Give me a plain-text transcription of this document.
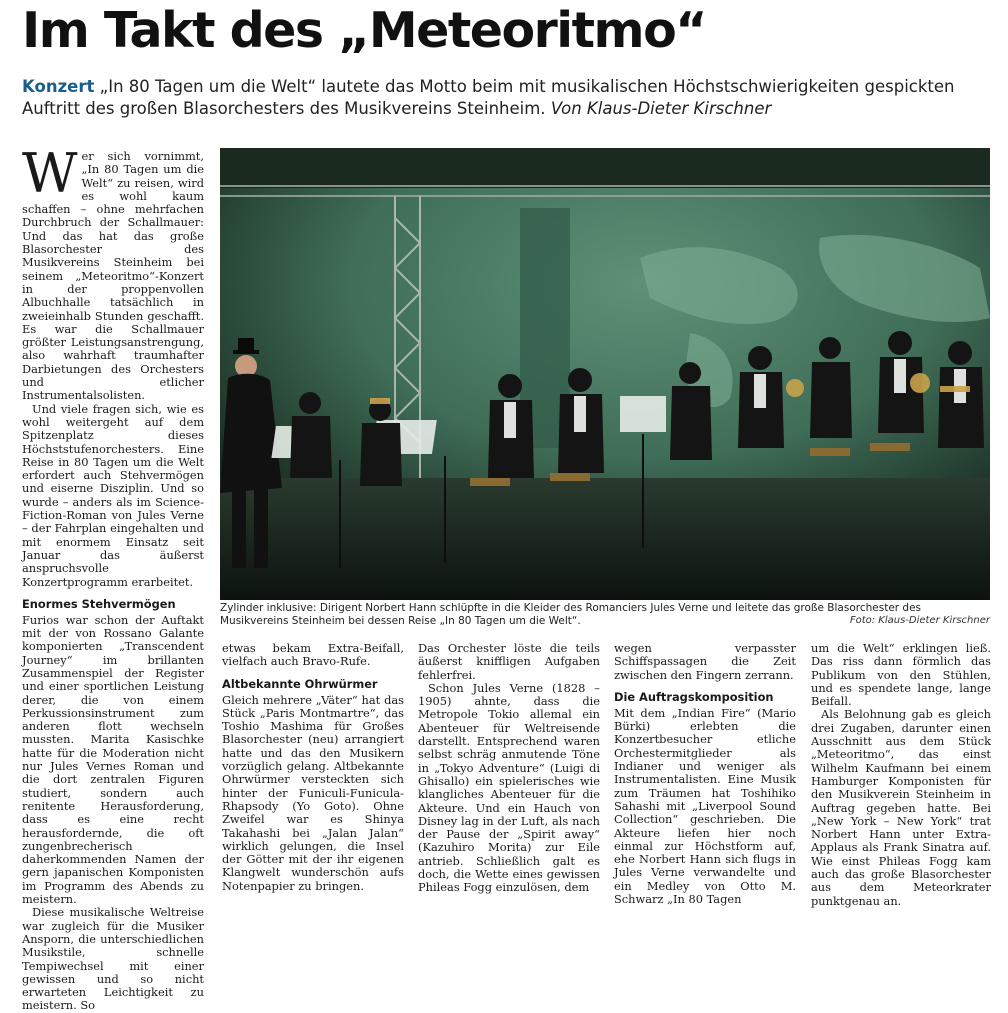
Im Takt des „Meteoritmo“
Konzert „In 80 Tagen um die Welt“ lautete das Motto beim mit musikalischen Höchstschwierigkeiten gespickten Auftritt des großen Blasorchesters des Musikvereins Steinheim. Von Klaus-Dieter Kirschner

Wer sich vornimmt, „In 80 Tagen um die Welt“ zu reisen, wird es wohl kaum schaffen – ohne mehrfachen Durchbruch der Schallmauer: Und das hat das große Blasorchester des Musikvereins Steinheim bei seinem „Meteoritmo“-Konzert in der proppenvollen Albuchhalle tatsächlich in zweieinhalb Stunden geschafft. Es war die Schallmauer größter Leistungsanstrengung, also wahrhaft traumhafter Darbietungen des Orchesters und etlicher Instrumentalsolisten.

Und viele fragen sich, wie es wohl weitergeht auf dem Spitzenplatz dieses Höchststufenorchesters. Eine Reise in 80 Tagen um die Welt erfordert auch Stehvermögen und eiserne Disziplin. Und so wurde – anders als im Science-Fiction-Roman von Jules Verne – der Fahrplan eingehalten und mit enormem Einsatz seit Januar das äußerst anspruchsvolle Konzertprogramm erarbeitet.

Enormes Stehvermögen

Furios war schon der Auftakt mit der von Rossano Galante komponierten „Transcendent Journey“ im brillanten Zusammenspiel der Register und einer sportlichen Leistung derer, die von einem Perkussionsinstrument zum anderen flott wechseln mussten. Marita Kasischke hatte für die Moderation nicht nur Jules Vernes Roman und die dort zentralen Figuren studiert, sondern auch renitente Herausforderung, dass es eine recht herausfordernde, die oft zungenbrecherisch daherkommenden Namen der gern japanischen Komponisten im Programm des Abends zu meistern.

Diese musikalische Weltreise war zugleich für die Musiker Ansporn, die unterschiedlichen Musikstile, schnelle Tempiwechsel mit einer gewissen und so nicht erwarteten Leichtigkeit zu meistern. So

Zylinder inklusive: Dirigent Norbert Hann schlüpfte in die Kleider des Romanciers Jules Verne und leitete das große Blasorchester des Musikvereins Steinheim bei dessen Reise „In 80 Tagen um die Welt“.	Foto: Klaus-Dieter Kirschner

etwas bekam Extra-Beifall, vielfach auch Bravo-Rufe.

Altbekannte Ohrwürmer

Gleich mehrere „Väter“ hat das Stück „Paris Montmartre“, das Toshio Mashima für Großes Blasorchester (neu) arrangiert hatte und das den Musikern vorzüglich gelang. Altbekannte Ohrwürmer versteckten sich hinter der Funiculi-Funicula-Rhapsody (Yo Goto). Ohne Zweifel war es Shinya Takahashi bei „Jalan Jalan“ wirklich gelungen, die Insel der Götter mit der ihr eigenen Klangwelt wunderschön aufs Notenpapier zu bringen.

Das Orchester löste die teils äußerst kniffligen Aufgaben fehlerfrei.

Schon Jules Verne (1828 – 1905) ahnte, dass die Metropole Tokio allemal ein Abenteuer für Weltreisende darstellt. Entsprechend waren selbst schräg anmutende Töne in „Tokyo Adventure“ (Luigi di Ghisallo) ein spielerisches wie klangliches Abenteuer für die Akteure. Und ein Hauch von Disney lag in der Luft, als nach der Pause der „Spirit away“ (Kazuhiro Morita) zur Eile antrieb. Schließlich galt es doch, die Wette eines gewissen Phileas Fogg einzulösen, dem

wegen verpasster Schiffspassagen die Zeit zwischen den Fingern zerrann.

Die Auftragskomposition

Mit dem „Indian Fire“ (Mario Bürki) erlebten die Konzertbesucher etliche Orchestermitglieder als Indianer und weniger als Instrumentalisten. Eine Musik zum Träumen hat Toshihiko Sahashi mit „Liverpool Sound Collection“ geschrieben. Die Akteure liefen hier noch einmal zur Höchstform auf, ehe Norbert Hann sich flugs in Jules Verne verwandelte und ein Medley von Otto M. Schwarz „In 80 Tagen

um die Welt“ erklingen ließ. Das riss dann förmlich das Publikum von den Stühlen, und es spendete lange, lange Beifall.

Als Belohnung gab es gleich drei Zugaben, darunter einen Ausschnitt aus dem Stück „Meteoritmo“, das einst Wilhelm Kaufmann bei einem Hamburger Komponisten für den Musikverein Steinheim in Auftrag gegeben hatte. Bei „New York – New York“ trat Norbert Hann unter Extra-Applaus als Frank Sinatra auf. Wie einst Phileas Fogg kam auch das große Blasorchester aus dem Meteorkrater punktgenau an.
